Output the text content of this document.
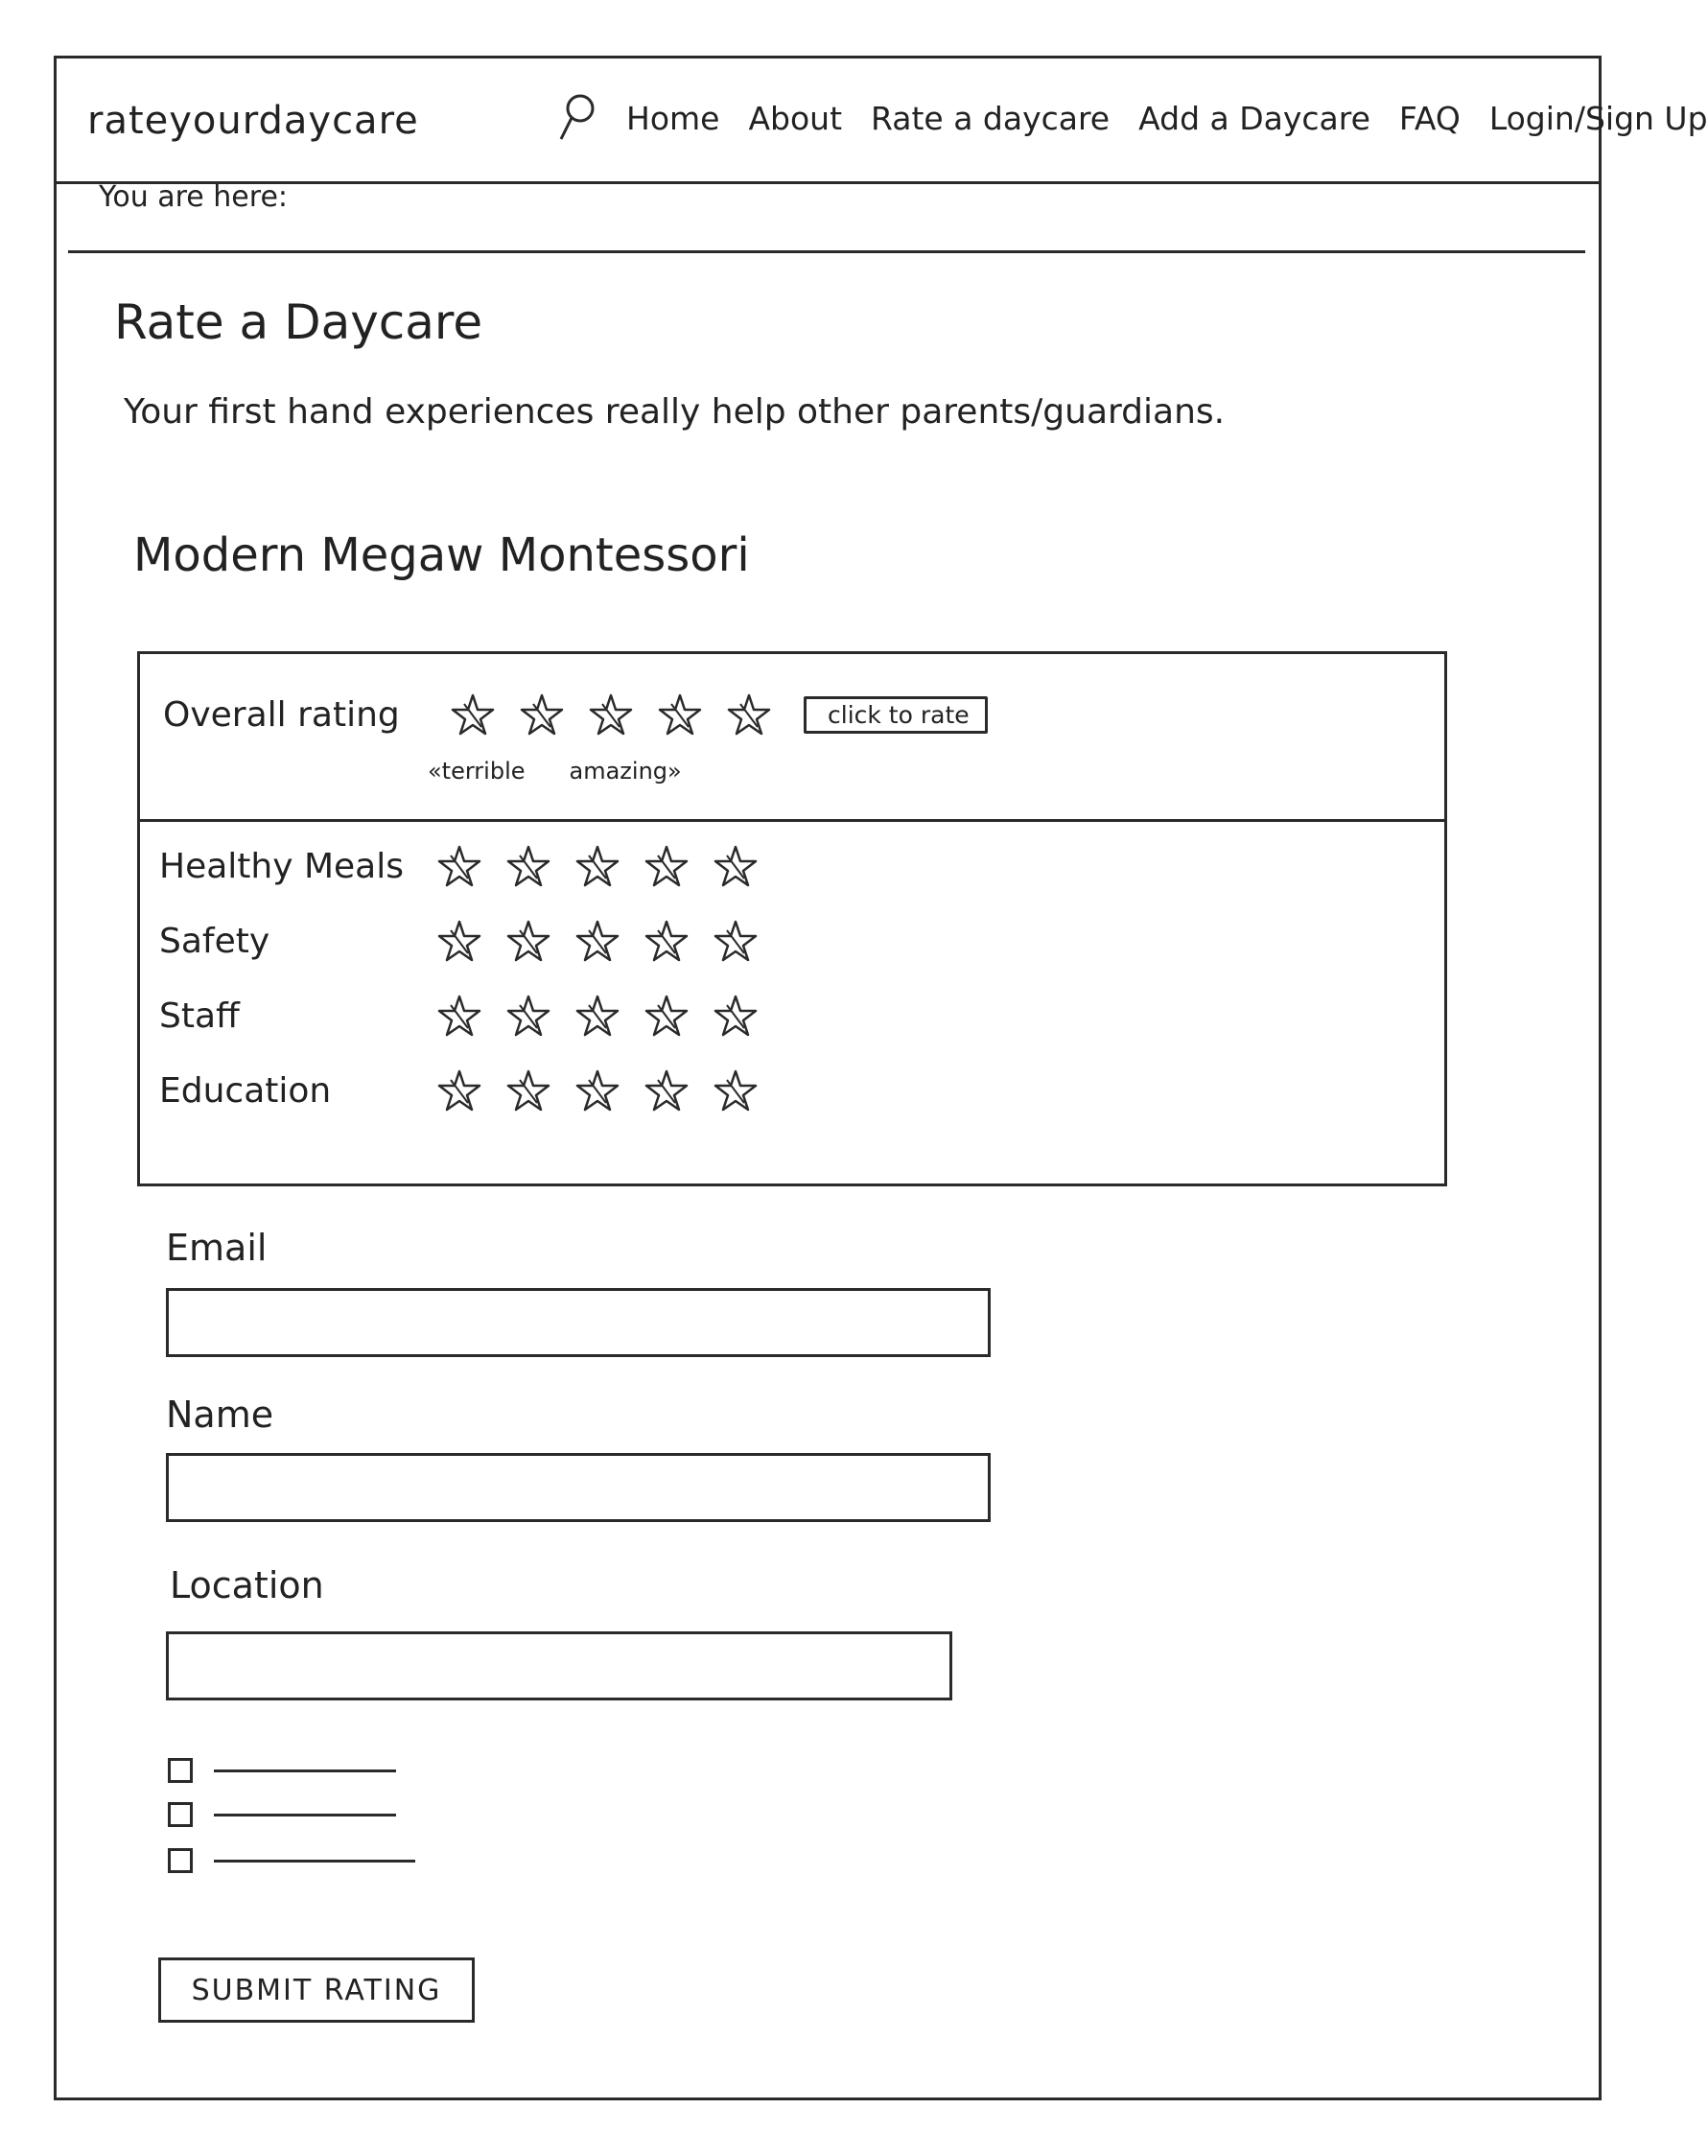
rateyourdaycare	Home About Rate a daycare Add a Daycare FAQ Login/Sign Up
You are here:
Rate a Daycare
Your first hand experiences really help other parents/guardians.
Modern Megaw Montessori
Overall rating	click to rate
«terrible amazing»
Healthy Meals
Safety
Staff
Education
Email
Name
Location
SUBMIT RATING
